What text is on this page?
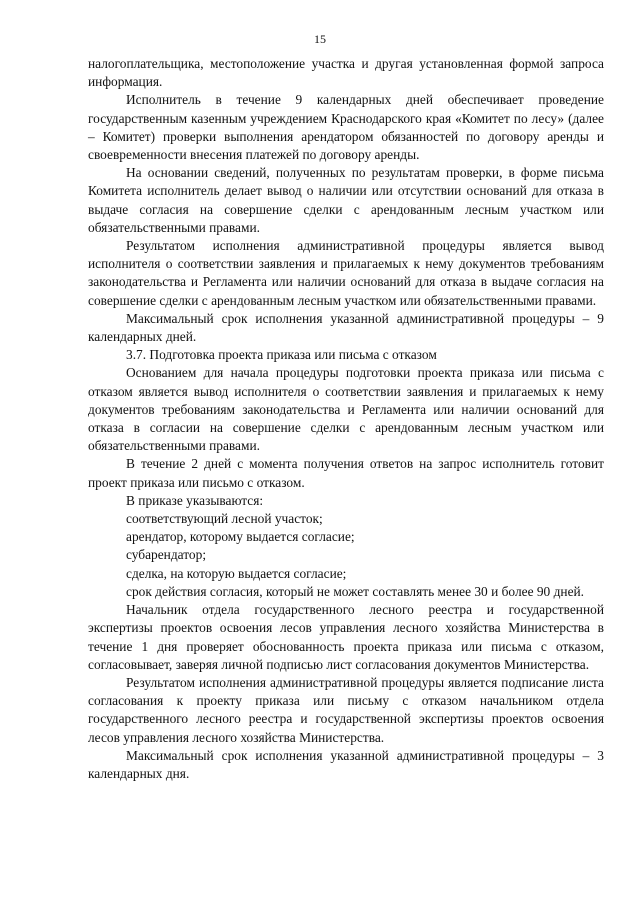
15

налогоплательщика, местоположение участка и другая установленная формой запроса информация.

Исполнитель в течение 9 календарных дней обеспечивает проведение государственным казенным учреждением Краснодарского края «Комитет по лесу» (далее – Комитет) проверки выполнения арендатором обязанностей по договору аренды и своевременности внесения платежей по договору аренды.

На основании сведений, полученных по результатам проверки, в форме письма Комитета исполнитель делает вывод о наличии или отсутствии оснований для отказа в выдаче согласия на совершение сделки с арендованным лесным участком или обязательственными правами.

Результатом исполнения административной процедуры является вывод исполнителя о соответствии заявления и прилагаемых к нему документов требованиям законодательства и Регламента или наличии оснований для отказа в выдаче согласия на совершение сделки с арендованным лесным участком или обязательственными правами.

Максимальный срок исполнения указанной административной процедуры – 9 календарных дней.

3.7. Подготовка проекта приказа или письма с отказом

Основанием для начала процедуры подготовки проекта приказа или письма с отказом является вывод исполнителя о соответствии заявления и прилагаемых к нему документов требованиям законодательства и Регламента или наличии оснований для отказа в согласии на совершение сделки с арендованным лесным участком или обязательственными правами.

В течение 2 дней с момента получения ответов на запрос исполнитель готовит проект приказа или письмо с отказом.

В приказе указываются:

соответствующий лесной участок;

арендатор, которому выдается согласие;

субарендатор;

сделка, на которую выдается согласие;

срок действия согласия, который не может составлять менее 30 и более 90 дней.

Начальник отдела государственного лесного реестра и государственной экспертизы проектов освоения лесов управления лесного хозяйства Министерства в течение 1 дня проверяет обоснованность проекта приказа или письма с отказом, согласовывает, заверяя личной подписью лист согласования документов Министерства.

Результатом исполнения административной процедуры является подписание листа согласования к проекту приказа или письму с отказом начальником отдела государственного лесного реестра и государственной экспертизы проектов освоения лесов управления лесного хозяйства Министерства.

Максимальный срок исполнения указанной административной процедуры – 3 календарных дня.
